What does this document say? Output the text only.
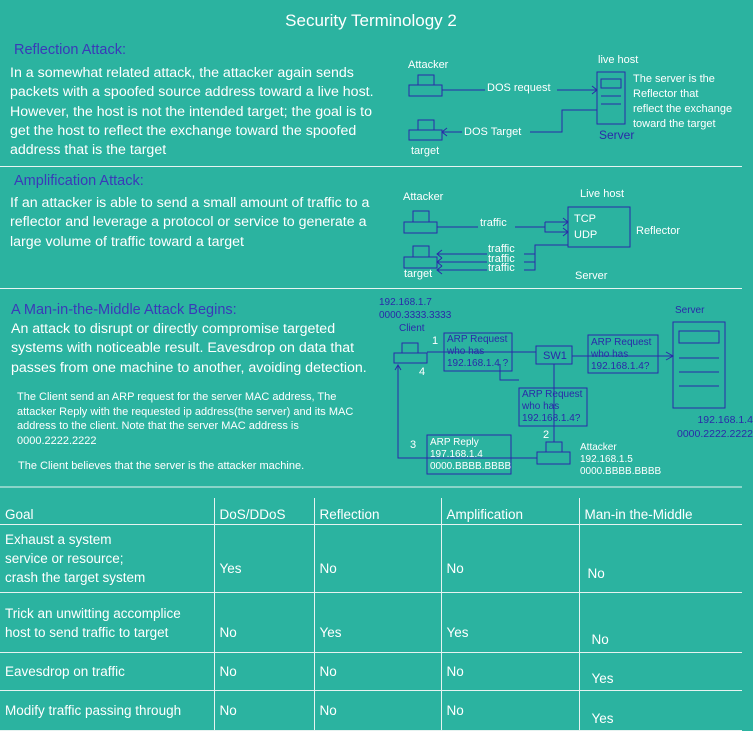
Security Terminology 2
Reflection Attack:
In a somewhat related attack, the attacker again sends packets with a spoofed source address toward a live host. However, the host is not the intended target; the goal is to get the host to reflect the exchange toward the spoofed address that is the target
Attacker	live host
DOS request
DOS Target
target
Server
The server is the
Reflector that
reflect the exchange
toward the target
Amplification Attack:
If an attacker is able to send a small amount of traffic to a reflector and leverage a protocol or service to generate a large volume of traffic toward a target
Attacker	Live host
traffic	TCP
UDP	Reflector
traffic
traffic
traffic
target	Server
A Man-in-the-Middle Attack Begins:
An attack to disrupt or directly compromise targeted systems with noticeable result. Eavesdrop on data that passes from one machine to another, avoiding detection.
The Client send an ARP request for the server MAC address, The attacker Reply with the requested ip address(the server) and its MAC address to the client. Note that the server MAC address is 0000.2222.2222
The Client believes that the server is the attacker machine.
192.168.1.7
0000.3333.3333
Client
Server
192.168.1.4
0000.2222.2222
SW1
ARP Request
who has
192.168.1.4 ?
ARP Request
who has
192.168.1.4?
ARP Request
who has
192.168.1.4?
ARP Reply
197.168.1.4
0000.BBBB.BBBB
Attacker
192.168.1.5
0000.BBBB.BBBB
1
2
3
4
Goal	DoS/DDoS	Reflection	Amplification	Man-in the-Middle

Exhaust a system
service or resource;
crash the target system	Yes	No	No	No

Trick an unwitting accomplice
host to send traffic to target	No	Yes	Yes	No

Eavesdrop on traffic	No	No	No	Yes

Modify traffic passing through	No	No	No	Yes
